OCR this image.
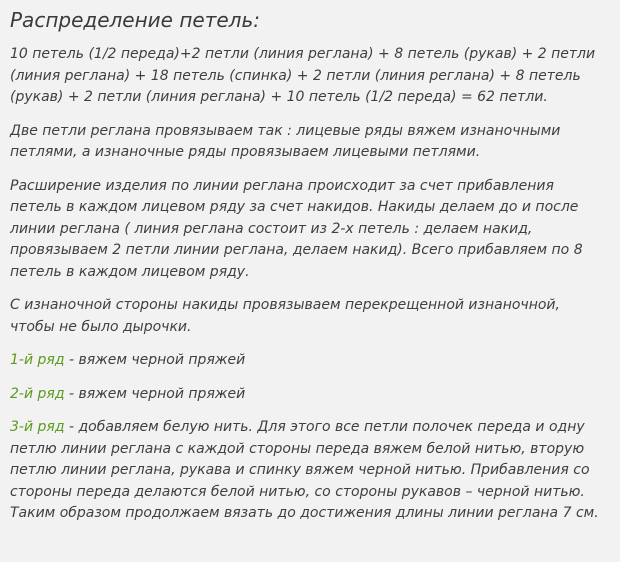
Распределение петель:

10 петель (1/2 переда)+2 петли (линия реглана) + 8 петель (рукав) + 2 петли (линия реглана) + 18 петель (спинка) + 2 петли (линия реглана) + 8 петель (рукав) + 2 петли (линия реглана) + 10 петель (1/2 переда) = 62 петли.

Две петли реглана провязываем так : лицевые ряды вяжем изнаночными петлями, а изнаночные ряды провязываем лицевыми петлями.

Расширение изделия по линии реглана происходит за счет прибавления петель в каждом лицевом ряду за счет накидов. Накиды делаем до и после линии реглана ( линия реглана состоит из 2-х петель : делаем накид, провязываем 2 петли линии реглана, делаем накид). Всего прибавляем по 8 петель в каждом лицевом ряду.

С изнаночной стороны накиды провязываем перекрещенной изнаночной, чтобы не было дырочки.

1-й ряд - вяжем черной пряжей

2-й ряд - вяжем черной пряжей

3-й ряд - добавляем белую нить. Для этого все петли полочек переда и одну петлю линии реглана с каждой стороны переда вяжем белой нитью, вторую петлю линии реглана, рукава и спинку вяжем черной нитью. Прибавления со стороны переда делаются белой нитью, со стороны рукавов – черной нитью. Таким образом продолжаем вязать до достижения длины линии реглана 7 см.
